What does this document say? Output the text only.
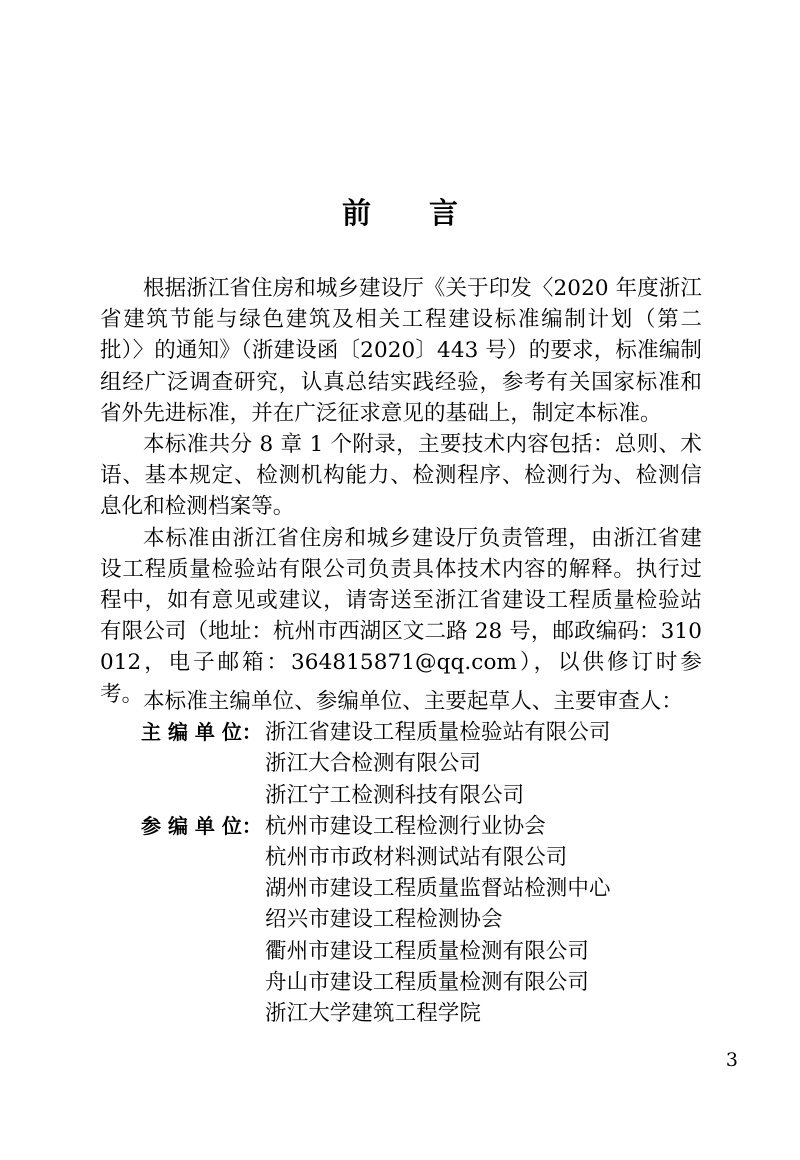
前　　言

根据浙江省住房和城乡建设厅《关于印发〈2020 年度浙江省建筑节能与绿色建筑及相关工程建设标准编制计划（第二批）〉的通知》（浙建设函〔2020〕443 号）的要求，标准编制组经广泛调查研究，认真总结实践经验，参考有关国家标准和省外先进标准，并在广泛征求意见的基础上，制定本标准。

本标准共分 8 章 1 个附录，主要技术内容包括：总则、术语、基本规定、检测机构能力、检测程序、检测行为、检测信息化和检测档案等。

本标准由浙江省住房和城乡建设厅负责管理，由浙江省建设工程质量检验站有限公司负责具体技术内容的解释。执行过程中，如有意见或建议，请寄送至浙江省建设工程质量检验站有限公司（地址：杭州市西湖区文二路 28 号，邮政编码：310012，电子邮箱：364815871@qq.com），以供修订时参考。 本标准主编单位、参编单位、主要起草人、主要审查人：

主 编 单 位： 浙江省建设工程质量检验站有限公司
浙江大合检测有限公司
浙江宁工检测科技有限公司
参 编 单 位： 杭州市建设工程检测行业协会
杭州市市政材料测试站有限公司
湖州市建设工程质量监督站检测中心
绍兴市建设工程检测协会
衢州市建设工程质量检测有限公司
舟山市建设工程质量检测有限公司
浙江大学建筑工程学院
3
